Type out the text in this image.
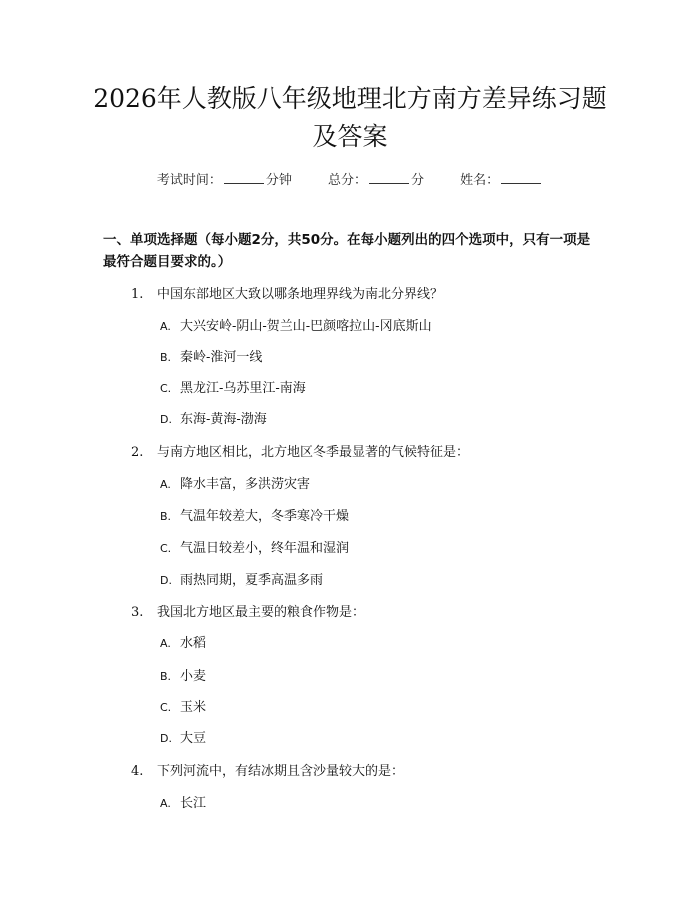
2026年人教版八年级地理北方南方差异练习题及答案
考试时间：	分钟	总分：	分	姓名：
一、单项选择题（每小题2分，共50分。在每小题列出的四个选项中，只有一项是最符合题目要求的。）
1. 中国东部地区大致以哪条地理界线为南北分界线？
A. 大兴安岭-阴山-贺兰山-巴颜喀拉山-冈底斯山
B. 秦岭-淮河一线
C. 黑龙江-乌苏里江-南海
D. 东海-黄海-渤海
2. 与南方地区相比，北方地区冬季最显著的气候特征是：
A. 降水丰富，多洪涝灾害
B. 气温年较差大，冬季寒冷干燥
C. 气温日较差小，终年温和湿润
D. 雨热同期，夏季高温多雨
3. 我国北方地区最主要的粮食作物是：
A. 水稻
B. 小麦
C. 玉米
D. 大豆
4. 下列河流中，有结冰期且含沙量较大的是：
A. 长江
